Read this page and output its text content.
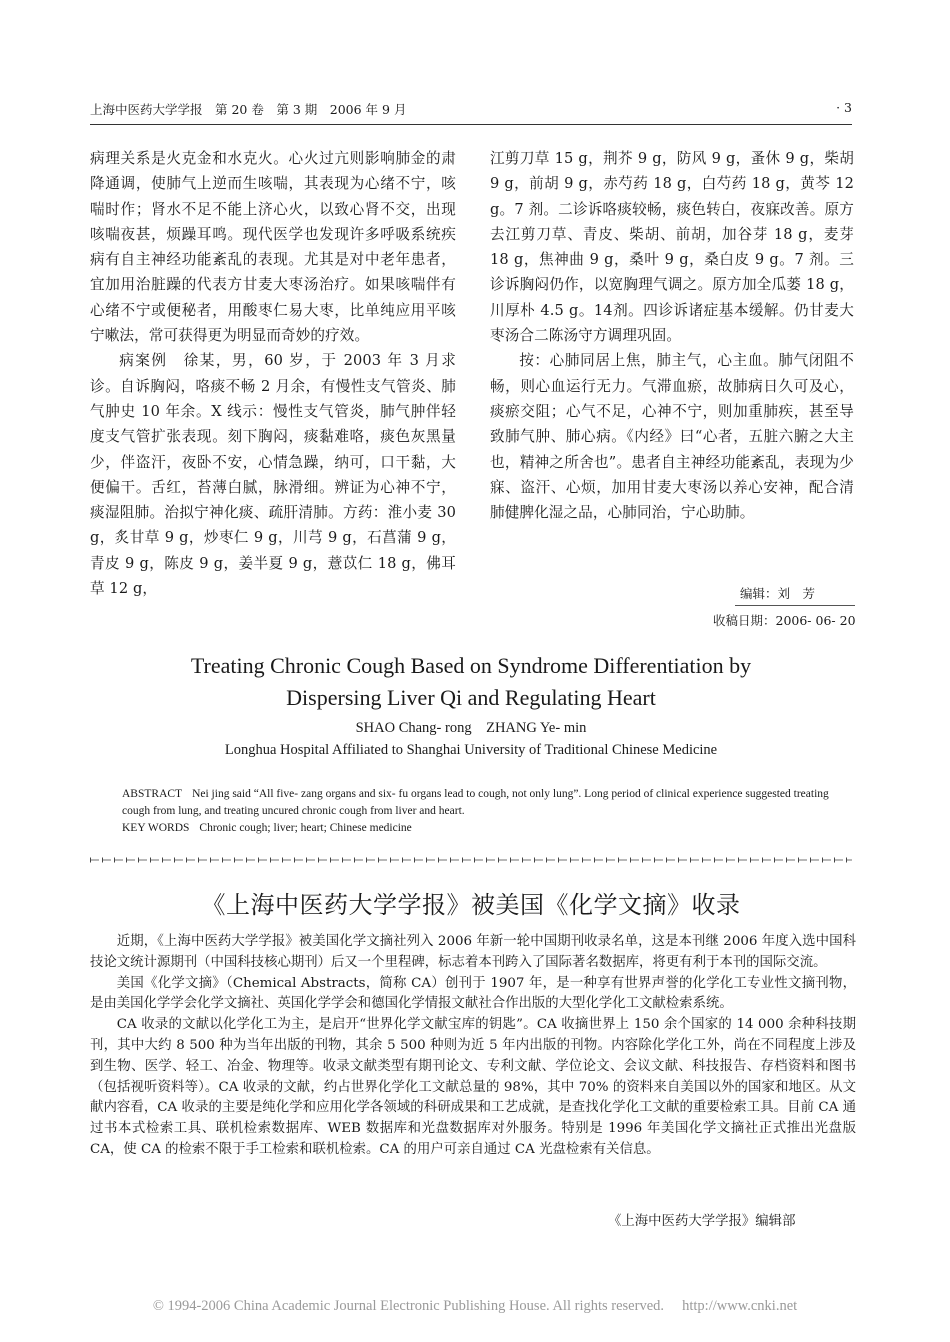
上海中医药大学学报　第 20 卷　第 3 期　2006 年 9 月	· 3

病理关系是火克金和水克火。心火过亢则影响肺金的肃降通调，使肺气上逆而生咳喘，其表现为心绪不宁，咳喘时作；肾水不足不能上济心火，以致心肾不交，出现咳喘夜甚，烦躁耳鸣。现代医学也发现许多呼吸系统疾病有自主神经功能紊乱的表现。尤其是对中老年患者，宜加用治脏躁的代表方甘麦大枣汤治疗。如果咳喘伴有心绪不宁或便秘者，用酸枣仁易大枣，比单纯应用平咳宁嗽法，常可获得更为明显而奇妙的疗效。

病案例　徐某，男，60 岁，于 2003 年 3 月求诊。自诉胸闷，咯痰不畅 2 月余，有慢性支气管炎、肺气肿史 10 年余。X 线示：慢性支气管炎，肺气肿伴轻度支气管扩张表现。刻下胸闷，痰黏难咯，痰色灰黑量少，伴盗汗，夜卧不安，心情急躁，纳可，口干黏，大便偏干。舌红，苔薄白腻，脉滑细。辨证为心神不宁，痰湿阻肺。治拟宁神化痰、疏肝清肺。方药：淮小麦 30 g，炙甘草 9 g，炒枣仁 9 g，川芎 9 g，石菖蒲 9 g，青皮 9 g，陈皮 9 g，姜半夏 9 g，薏苡仁 18 g，佛耳草 12 g，

江剪刀草 15 g，荆芥 9 g，防风 9 g，蚤休 9 g，柴胡 9 g，前胡 9 g，赤芍药 18 g，白芍药 18 g，黄芩 12 g。7 剂。二诊诉咯痰较畅，痰色转白，夜寐改善。原方去江剪刀草、青皮、柴胡、前胡，加谷芽 18 g，麦芽 18 g，焦神曲 9 g，桑叶 9 g，桑白皮 9 g。7 剂。三诊诉胸闷仍作，以宽胸理气调之。原方加全瓜蒌 18 g，川厚朴 4.5 g。14剂。四诊诉诸症基本缓解。仍甘麦大枣汤合二陈汤守方调理巩固。

按：心肺同居上焦，肺主气，心主血。肺气闭阻不畅，则心血运行无力。气滞血瘀，故肺病日久可及心，痰瘀交阻；心气不足，心神不宁，则加重肺疾，甚至导致肺气肿、肺心病。《内经》曰“心者，五脏六腑之大主也，精神之所舍也”。患者自主神经功能紊乱，表现为少寐、盗汗、心烦，加用甘麦大枣汤以养心安神，配合清肺健脾化湿之品，心肺同治，宁心助肺。

编辑：刘　芳
收稿日期：2006- 06- 20
Treating Chronic Cough Based on Syndrome Differentiation by
Dispersing Liver Qi and Regulating Heart
SHAO Chang- rong　ZHANG Ye- min
Longhua Hospital Affiliated to Shanghai University of Traditional Chinese Medicine
ABSTRACT Nei jing said “All five- zang organs and six- fu organs lead to cough, not only lung”. Long period of clinical experience suggested treating cough from lung, and treating uncured chronic cough from liver and heart.
KEY WORDS Chronic cough; liver; heart; Chinese medicine
《上海中医药大学学报》被美国《化学文摘》收录

近期，《上海中医药大学学报》被美国化学文摘社列入 2006 年新一轮中国期刊收录名单，这是本刊继 2006 年度入选中国科技论文统计源期刊（中国科技核心期刊）后又一个里程碑，标志着本刊跨入了国际著名数据库，将更有利于本刊的国际交流。

美国《化学文摘》（Chemical Abstracts，简称 CA）创刊于 1907 年，是一种享有世界声誉的化学化工专业性文摘刊物，是由美国化学学会化学文摘社、英国化学学会和德国化学情报文献社合作出版的大型化学化工文献检索系统。

CA 收录的文献以化学化工为主，是启开“世界化学文献宝库的钥匙”。CA 收摘世界上 150 余个国家的 14 000 余种科技期刊，其中大约 8 500 种为当年出版的刊物，其余 5 500 种则为近 5 年内出版的刊物。内容除化学化工外，尚在不同程度上涉及到生物、医学、轻工、冶金、物理等。收录文献类型有期刊论文、专利文献、学位论文、会议文献、科技报告、存档资料和图书（包括视听资料等）。CA 收录的文献，约占世界化学化工文献总量的 98%，其中 70% 的资料来自美国以外的国家和地区。从文献内容看，CA 收录的主要是纯化学和应用化学各领域的科研成果和工艺成就，是查找化学化工文献的重要检索工具。目前 CA 通过书本式检索工具、联机检索数据库、WEB 数据库和光盘数据库对外服务。特别是 1996 年美国化学文摘社正式推出光盘版 CA，使 CA 的检索不限于手工检索和联机检索。CA 的用户可亲自通过 CA 光盘检索有关信息。

《上海中医药大学学报》编辑部
© 1994-2006 China Academic Journal Electronic Publishing House. All rights reserved.　 http://www.cnki.net
